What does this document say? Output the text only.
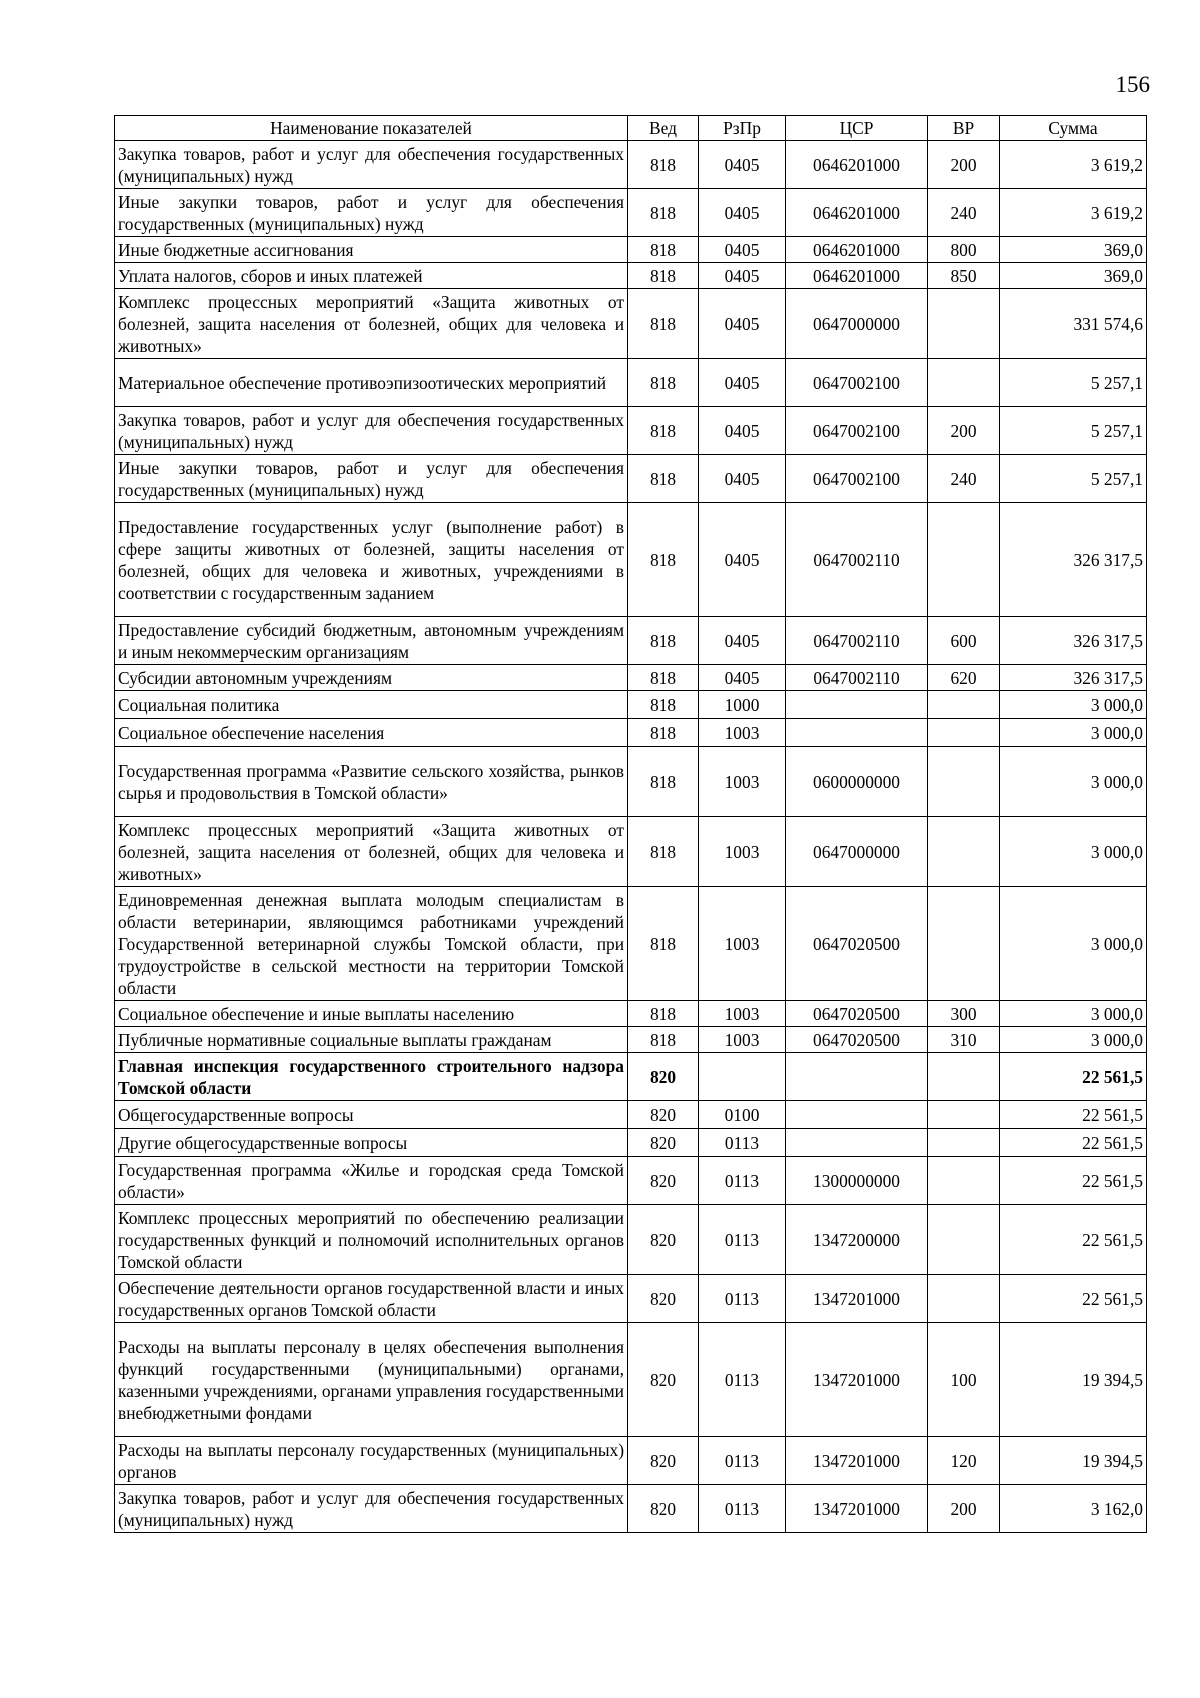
156
Наименование показателей	Вед	РзПр	ЦСР	ВР	Сумма
Закупка товаров, работ и услуг для обеспечения государственных (муниципальных) нужд	818	0405	0646201000	200	3 619,2
Иные закупки товаров, работ и услуг для обеспечения государственных (муниципальных) нужд	818	0405	0646201000	240	3 619,2
Иные бюджетные ассигнования	818	0405	0646201000	800	369,0
Уплата налогов, сборов и иных платежей	818	0405	0646201000	850	369,0
Комплекс процессных мероприятий «Защита животных от болезней, защита населения от болезней, общих для человека и животных»	818	0405	0647000000		331 574,6
Материальное обеспечение противоэпизоотических мероприятий	818	0405	0647002100		5 257,1
Закупка товаров, работ и услуг для обеспечения государственных (муниципальных) нужд	818	0405	0647002100	200	5 257,1
Иные закупки товаров, работ и услуг для обеспечения государственных (муниципальных) нужд	818	0405	0647002100	240	5 257,1
Предоставление государственных услуг (выполнение работ) в сфере защиты животных от болезней, защиты населения от болезней, общих для человека и животных, учреждениями в соответствии с государственным заданием	818	0405	0647002110		326 317,5
Предоставление субсидий бюджетным, автономным учреждениям и иным некоммерческим организациям	818	0405	0647002110	600	326 317,5
Субсидии автономным учреждениям	818	0405	0647002110	620	326 317,5
Социальная политика	818	1000			3 000,0
Социальное обеспечение населения	818	1003			3 000,0
Государственная программа «Развитие сельского хозяйства, рынков сырья и продовольствия в Томской области»	818	1003	0600000000		3 000,0
Комплекс процессных мероприятий «Защита животных от болезней, защита населения от болезней, общих для человека и животных»	818	1003	0647000000		3 000,0
Единовременная денежная выплата молодым специалистам в области ветеринарии, являющимся работниками учреждений Государственной ветеринарной службы Томской области, при трудоустройстве в сельской местности на территории Томской области	818	1003	0647020500		3 000,0
Социальное обеспечение и иные выплаты населению	818	1003	0647020500	300	3 000,0
Публичные нормативные социальные выплаты гражданам	818	1003	0647020500	310	3 000,0
Главная инспекция государственного строительного надзора Томской области	820				22 561,5
Общегосударственные вопросы	820	0100			22 561,5
Другие общегосударственные вопросы	820	0113			22 561,5
Государственная программа «Жилье и городская среда Томской области»	820	0113	1300000000		22 561,5
Комплекс процессных мероприятий по обеспечению реализации государственных функций и полномочий исполнительных органов Томской области	820	0113	1347200000		22 561,5
Обеспечение деятельности органов государственной власти и иных государственных органов Томской области	820	0113	1347201000		22 561,5
Расходы на выплаты персоналу в целях обеспечения выполнения функций государственными (муниципальными) органами, казенными учреждениями, органами управления государственными внебюджетными фондами	820	0113	1347201000	100	19 394,5
Расходы на выплаты персоналу государственных (муниципальных) органов	820	0113	1347201000	120	19 394,5
Закупка товаров, работ и услуг для обеспечения государственных (муниципальных) нужд	820	0113	1347201000	200	3 162,0
